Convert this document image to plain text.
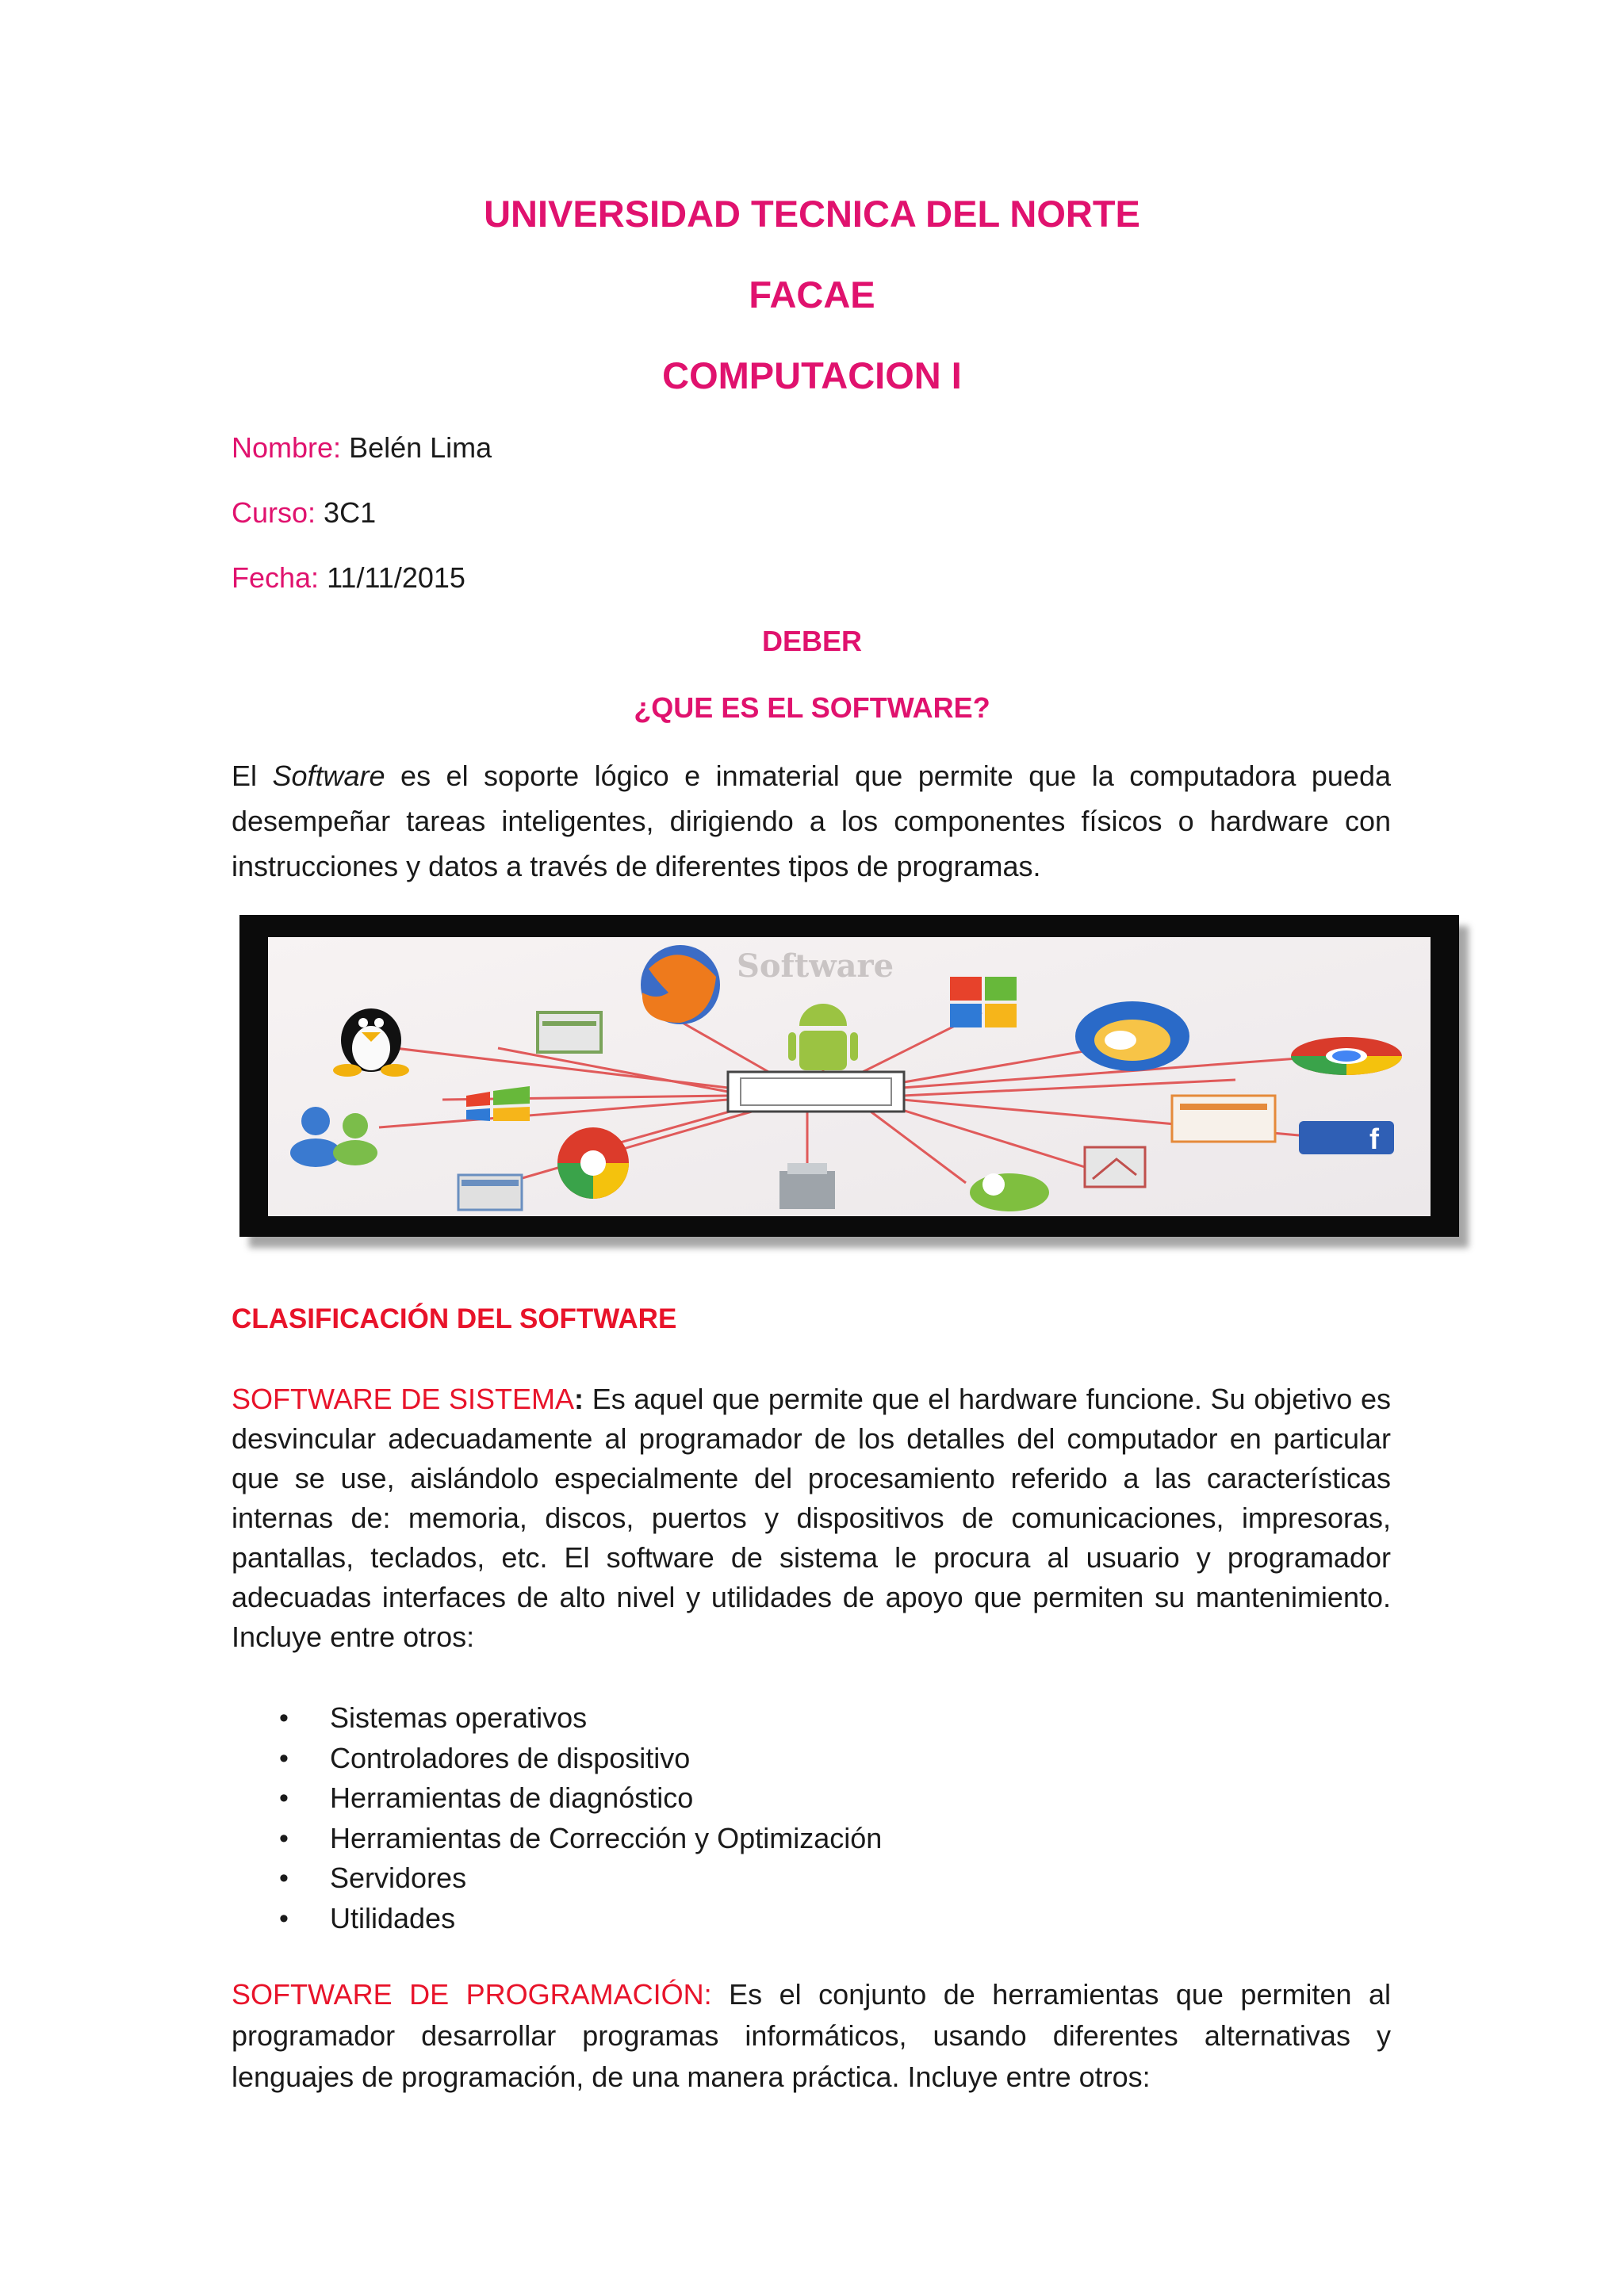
UNIVERSIDAD TECNICA DEL NORTE
FACAE
COMPUTACION I
Nombre: Belén Lima
Curso: 3C1
Fecha: 11/11/2015
DEBER
¿QUE ES EL SOFTWARE?

El Software es el soporte lógico e inmaterial que permite que la computadora pueda desempeñar tareas inteligentes, dirigiendo a los componentes físicos o hardware con instrucciones y datos a través de diferentes tipos de programas.

Software
f
CLASIFICACIÓN DEL SOFTWARE

SOFTWARE DE SISTEMA: Es aquel que permite que el hardware funcione. Su objetivo es desvincular adecuadamente al programador de los detalles del computador en particular que se use, aislándolo especialmente del procesamiento referido a las características internas de: memoria, discos, puertos y dispositivos de comunicaciones, impresoras, pantallas, teclados, etc. El software de sistema le procura al usuario y programador adecuadas interfaces de alto nivel y utilidades de apoyo que permiten su mantenimiento. Incluye entre otros:

• Sistemas operativos
• Controladores de dispositivo
• Herramientas de diagnóstico
• Herramientas de Corrección y Optimización
• Servidores
• Utilidades

SOFTWARE DE PROGRAMACIÓN: Es el conjunto de herramientas que permiten al programador desarrollar programas informáticos, usando diferentes alternativas y lenguajes de programación, de una manera práctica. Incluye entre otros:
